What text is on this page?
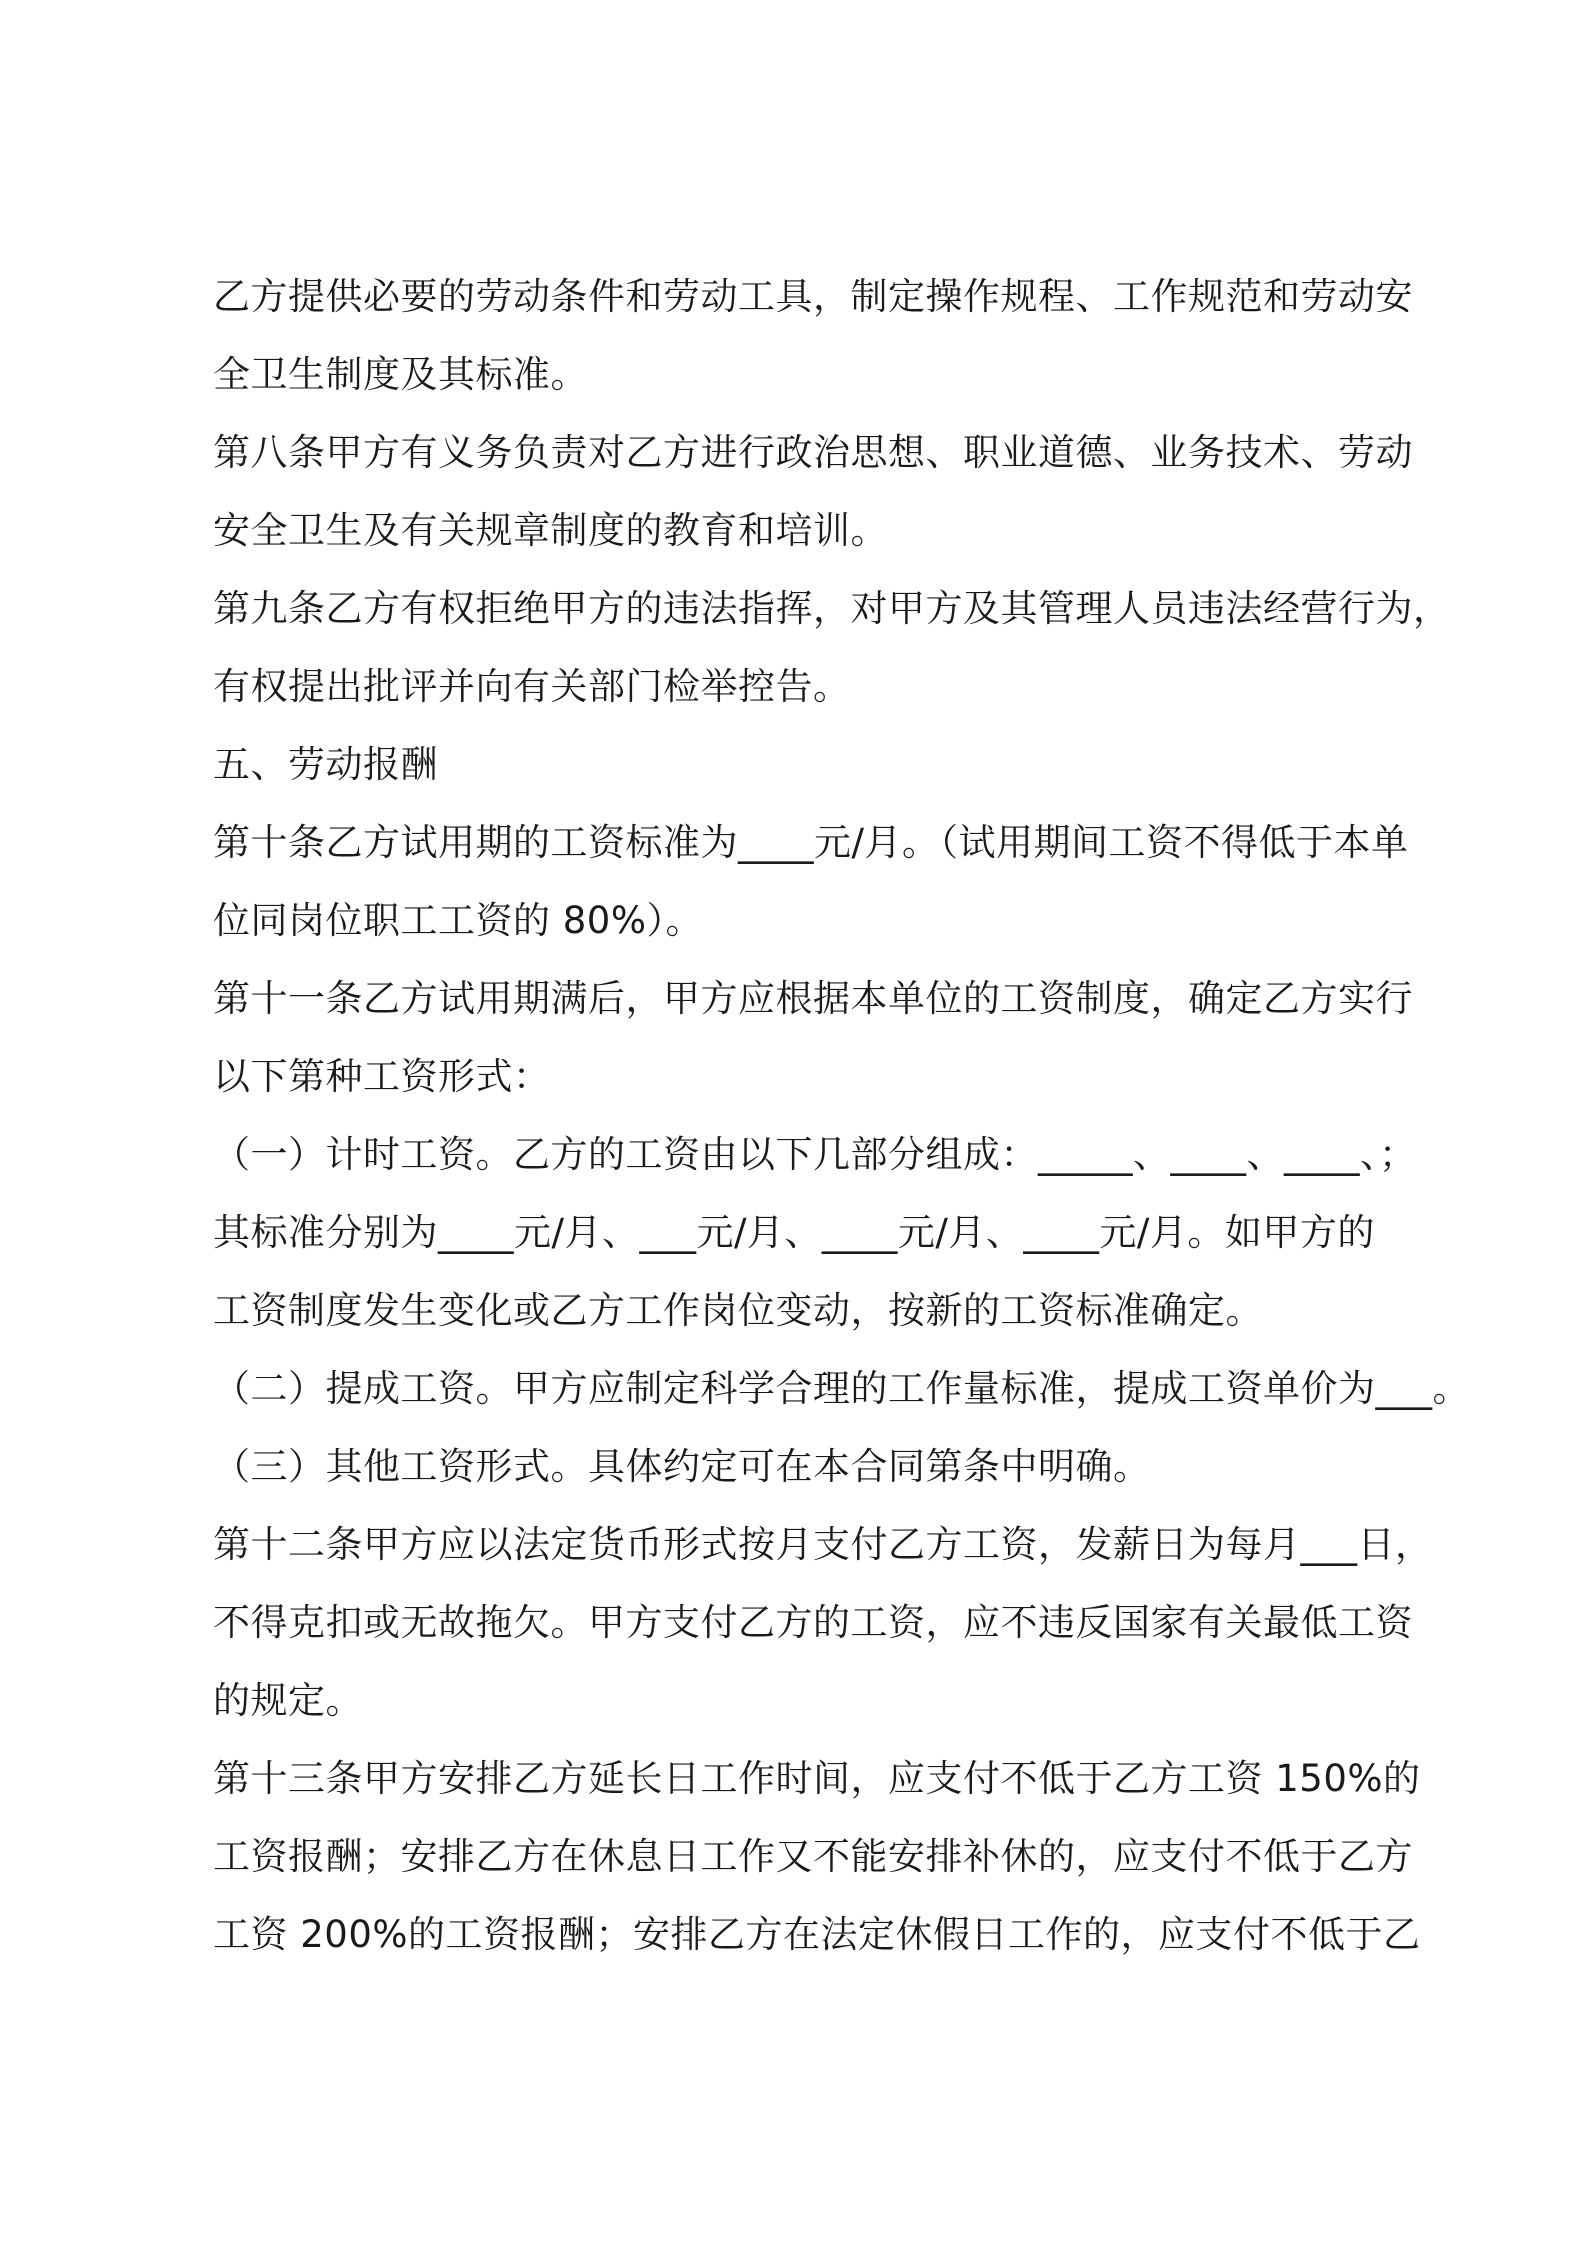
乙方提供必要的劳动条件和劳动工具，制定操作规程、工作规范和劳动安
全卫生制度及其标准。

第八条甲方有义务负责对乙方进行政治思想、职业道德、业务技术、劳动
安全卫生及有关规章制度的教育和培训。

第九条乙方有权拒绝甲方的违法指挥，对甲方及其管理人员违法经营行为，
有权提出批评并向有关部门检举控告。

五、劳动报酬

第十条乙方试用期的工资标准为____元/月。（试用期间工资不得低于本单
位同岗位职工工资的 80%）。

第十一条乙方试用期满后，甲方应根据本单位的工资制度，确定乙方实行
以下第种工资形式：

（一）计时工资。乙方的工资由以下几部分组成：_____、____、____、；
其标准分别为____元/月、___元/月、____元/月、____元/月。如甲方的
工资制度发生变化或乙方工作岗位变动，按新的工资标准确定。

（二）提成工资。甲方应制定科学合理的工作量标准，提成工资单价为___。

（三）其他工资形式。具体约定可在本合同第条中明确。

第十二条甲方应以法定货币形式按月支付乙方工资，发薪日为每月___日，
不得克扣或无故拖欠。甲方支付乙方的工资，应不违反国家有关最低工资
的规定。

第十三条甲方安排乙方延长日工作时间，应支付不低于乙方工资 150%的
工资报酬；安排乙方在休息日工作又不能安排补休的，应支付不低于乙方
工资 200%的工资报酬；安排乙方在法定休假日工作的，应支付不低于乙
